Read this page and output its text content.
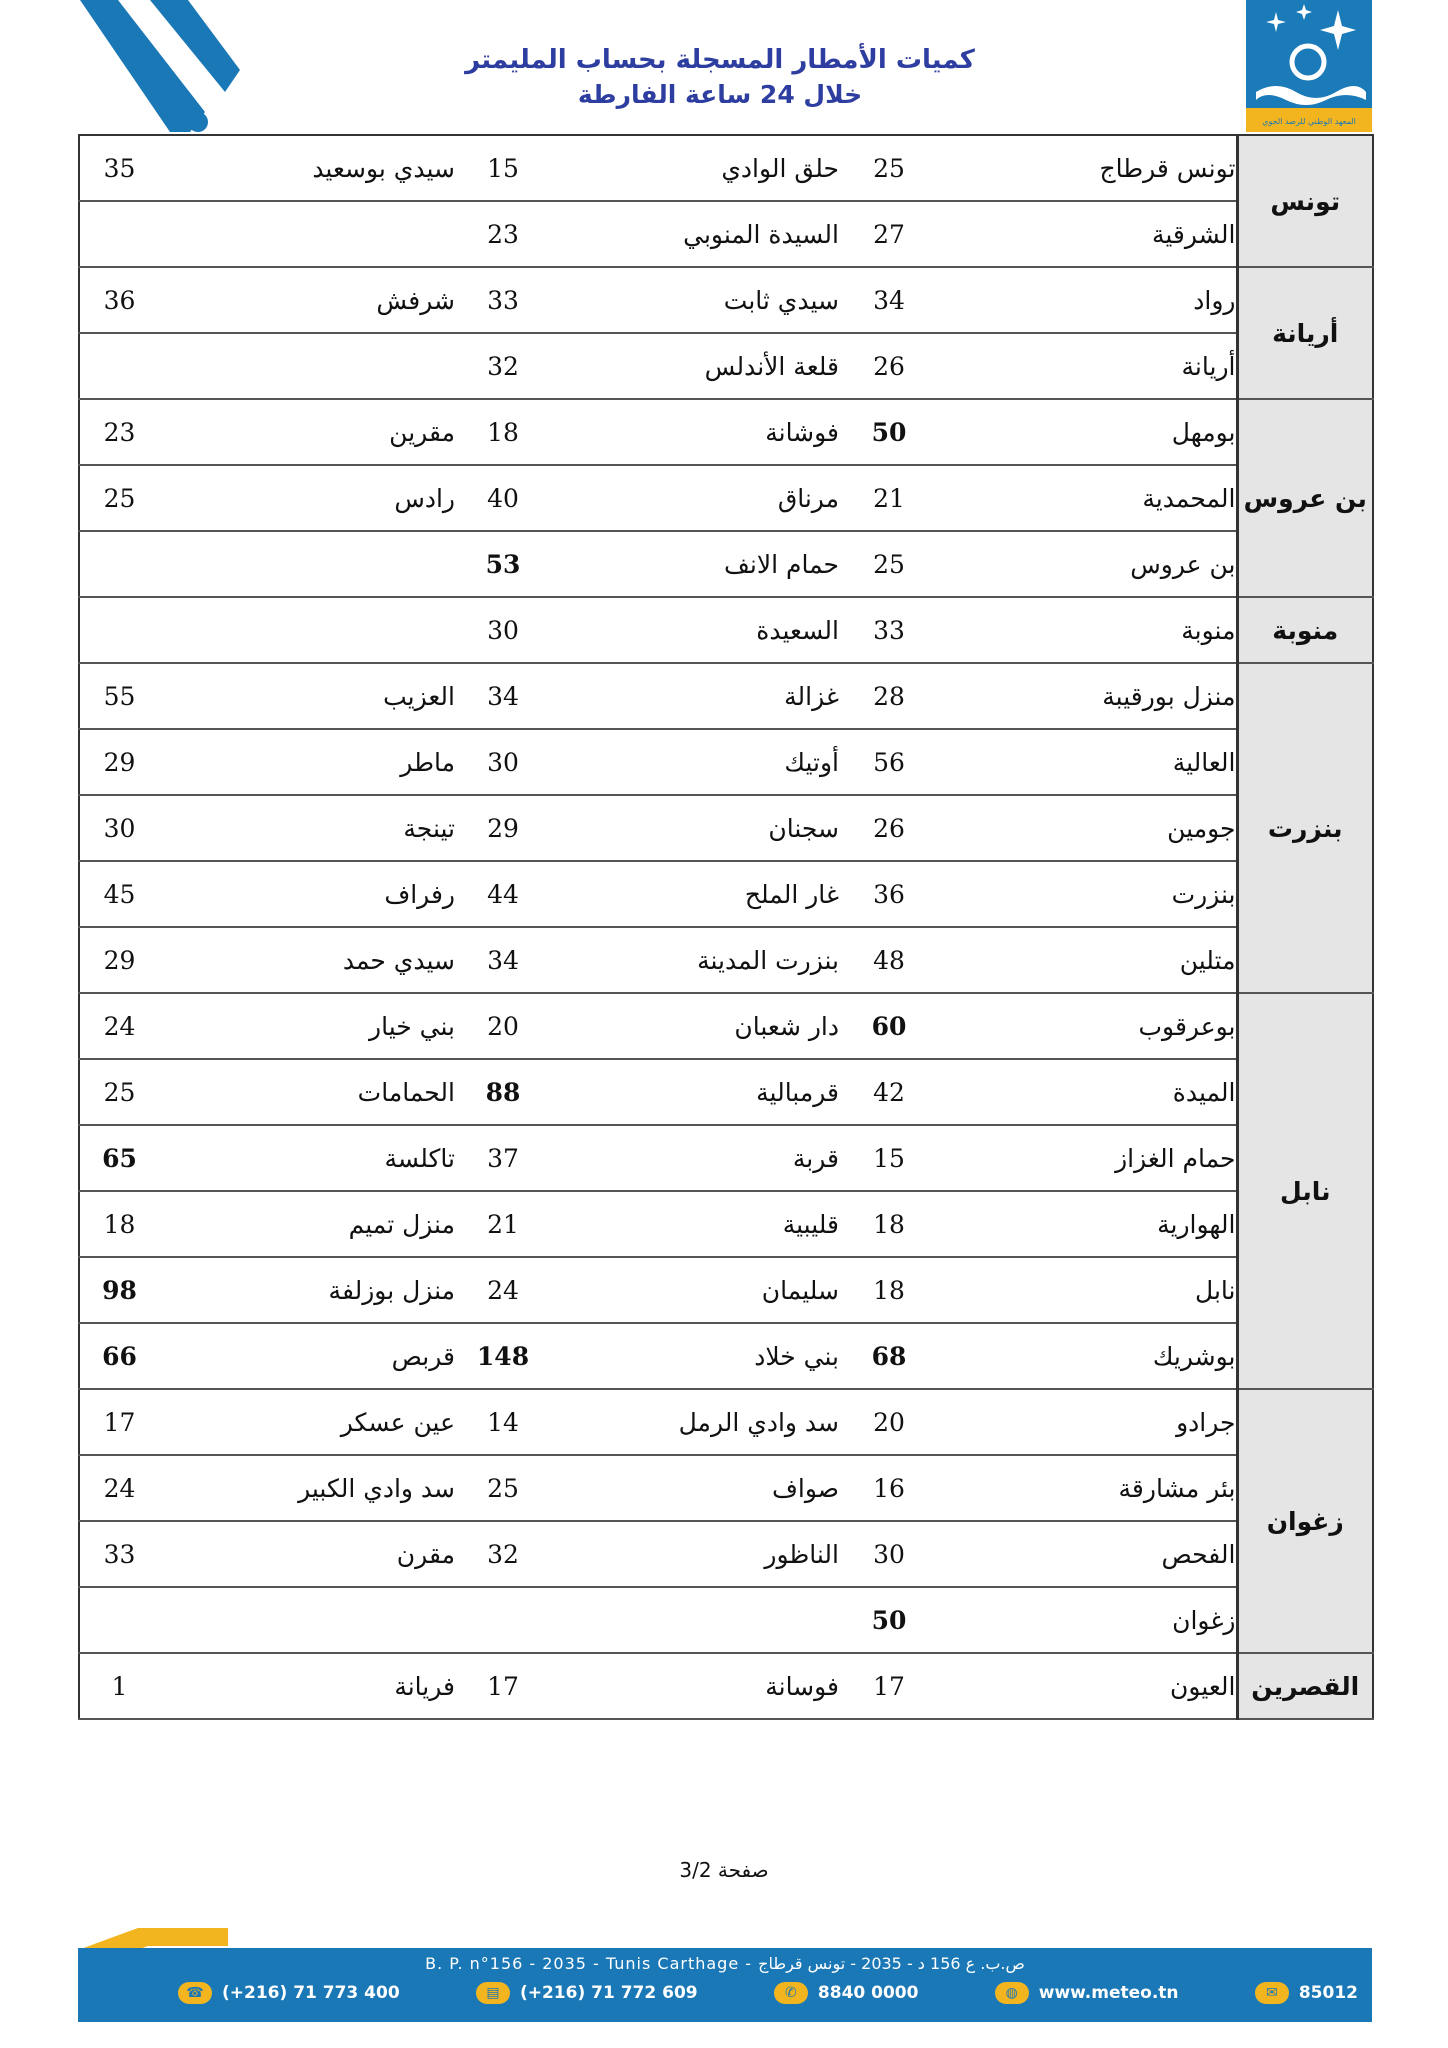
كميات الأمطار المسجلة بحساب المليمتر
خلال 24 ساعة الفارطة
المعهد الوطني للرصد الجوي
تونس	تونس قرطاج	25	حلق الوادي	15	سيدي بوسعيد	35
	الشرقية	27	السيدة المنوبي	23		
أريانة	رواد	34	سيدي ثابت	33	شرفش	36
	أريانة	26	قلعة الأندلس	32		
بن عروس	بومهل	50	فوشانة	18	مقرين	23
	المحمدية	21	مرناق	40	رادس	25
	بن عروس	25	حمام الانف	53		
منوبة	منوبة	33	السعيدة	30		
بنزرت	منزل بورقيبة	28	غزالة	34	العزيب	55
	العالية	56	أوتيك	30	ماطر	29
	جومين	26	سجنان	29	تينجة	30
	بنزرت	36	غار الملح	44	رفراف	45
	متلين	48	بنزرت المدينة	34	سيدي حمد	29
نابل	بوعرقوب	60	دار شعبان	20	بني خيار	24
	الميدة	42	قرمبالية	88	الحمامات	25
	حمام الغزاز	15	قربة	37	تاكلسة	65
	الهوارية	18	قليبية	21	منزل تميم	18
	نابل	18	سليمان	24	منزل بوزلفة	98
	بوشريك	68	بني خلاد	148	قربص	66
زغوان	جرادو	20	سد وادي الرمل	14	عين عسكر	17
	بئر مشارقة	16	صواف	25	سد وادي الكبير	24
	الفحص	30	الناظور	32	مقرن	33
	زغوان	50				
القصرين	العيون	17	فوسانة	17	فريانة	1
صفحة 3/2
B. P. n°156 - 2035 - Tunis Carthage - ص.ب. ع 156 د - 2035 - تونس قرطاج
☎	(+216) 71 773 400	▤	(+216) 71 772 609	✆	8840 0000	◍	www.meteo.tn	✉	85012
